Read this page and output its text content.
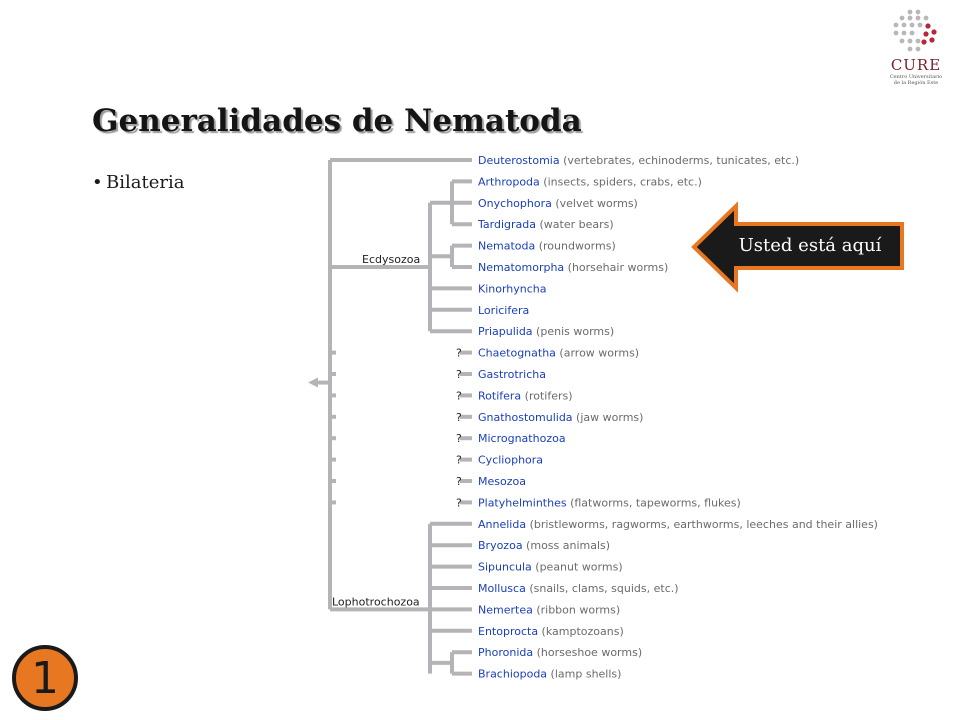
CURE
Centro Universitario de la Región Este
Generalidades de Nematoda
• Bilateria
Ecdysozoa
Lophotrochozoa
Deuterostomia (vertebrates, echinoderms, tunicates, etc.)
Arthropoda (insects, spiders, crabs, etc.)
Onychophora (velvet worms)
Tardigrada (water bears)
Nematoda (roundworms)
Nematomorpha (horsehair worms)
Kinorhyncha
Loricifera
Priapulida (penis worms)
? Chaetognatha (arrow worms)
? Gastrotricha
? Rotifera (rotifers)
? Gnathostomulida (jaw worms)
? Micrognathozoa
? Cycliophora
? Mesozoa
? Platyhelminthes (flatworms, tapeworms, flukes)
Annelida (bristleworms, ragworms, earthworms, leeches and their allies)
Bryozoa (moss animals)
Sipuncula (peanut worms)
Mollusca (snails, clams, squids, etc.)
Nemertea (ribbon worms)
Entoprocta (kamptozoans)
Phoronida (horseshoe worms)
Brachiopoda (lamp shells)
Usted está aquí
1
